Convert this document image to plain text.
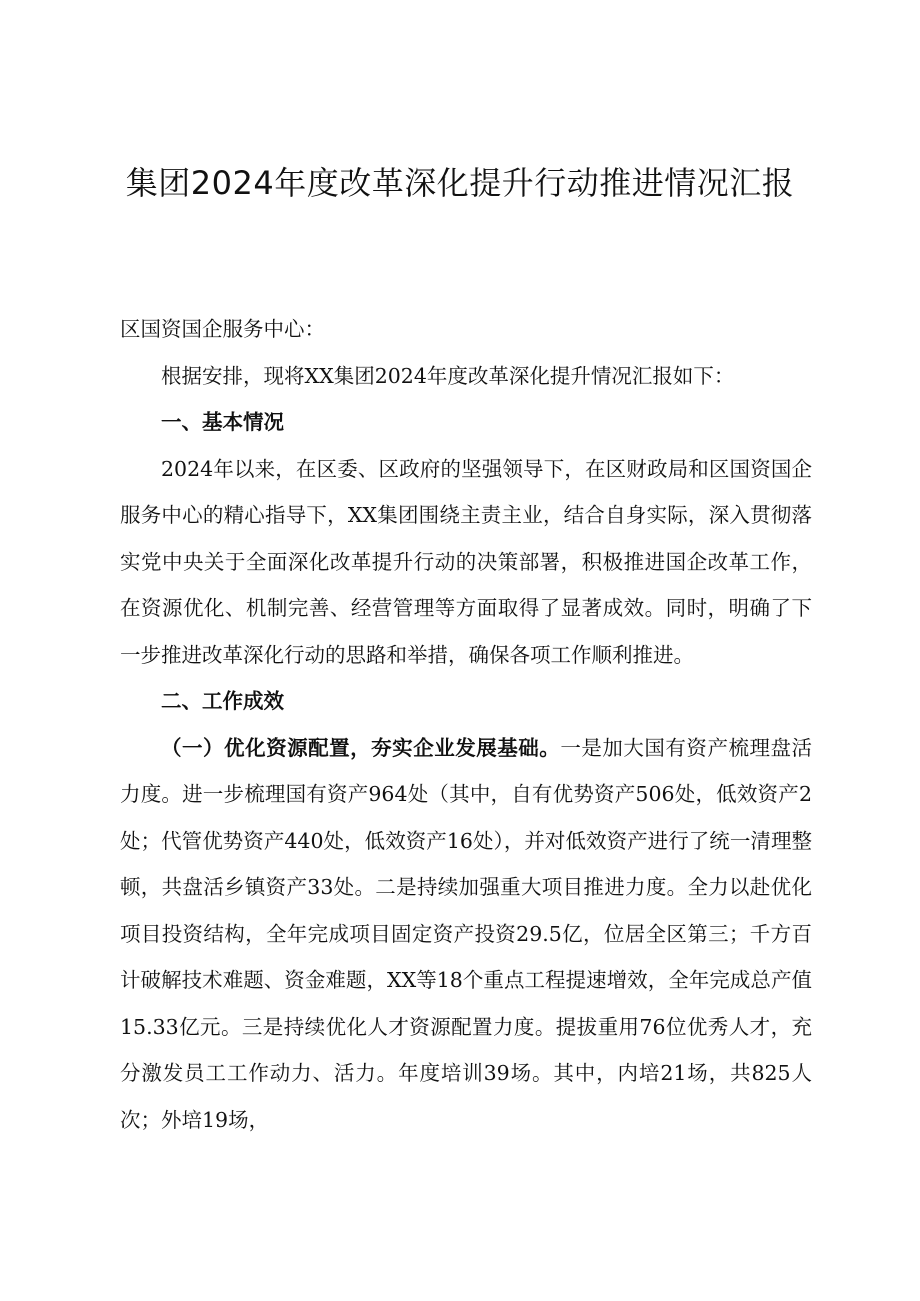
集团2024年度改革深化提升行动推进情况汇报

区国资国企服务中心：

根据安排，现将XX集团2024年度改革深化提升情况汇报如下：

一、基本情况

2024年以来，在区委、区政府的坚强领导下，在区财政局和区国资国企服务中心的精心指导下，XX集团围绕主责主业，结合自身实际，深入贯彻落实党中央关于全面深化改革提升行动的决策部署，积极推进国企改革工作，在资源优化、机制完善、经营管理等方面取得了显著成效。同时，明确了下一步推进改革深化行动的思路和举措，确保各项工作顺利推进。

二、工作成效

（一）优化资源配置，夯实企业发展基础。一是加大国有资产梳理盘活力度。进一步梳理国有资产964处（其中，自有优势资产506处，低效资产2处；代管优势资产440处，低效资产16处），并对低效资产进行了统一清理整顿，共盘活乡镇资产33处。二是持续加强重大项目推进力度。全力以赴优化项目投资结构，全年完成项目固定资产投资29.5亿，位居全区第三；千方百计破解技术难题、资金难题，XX等18个重点工程提速增效，全年完成总产值15.33亿元。三是持续优化人才资源配置力度。提拔重用76位优秀人才，充分激发员工工作动力、活力。年度培训39场。其中，内培21场，共825人次；外培19场，
